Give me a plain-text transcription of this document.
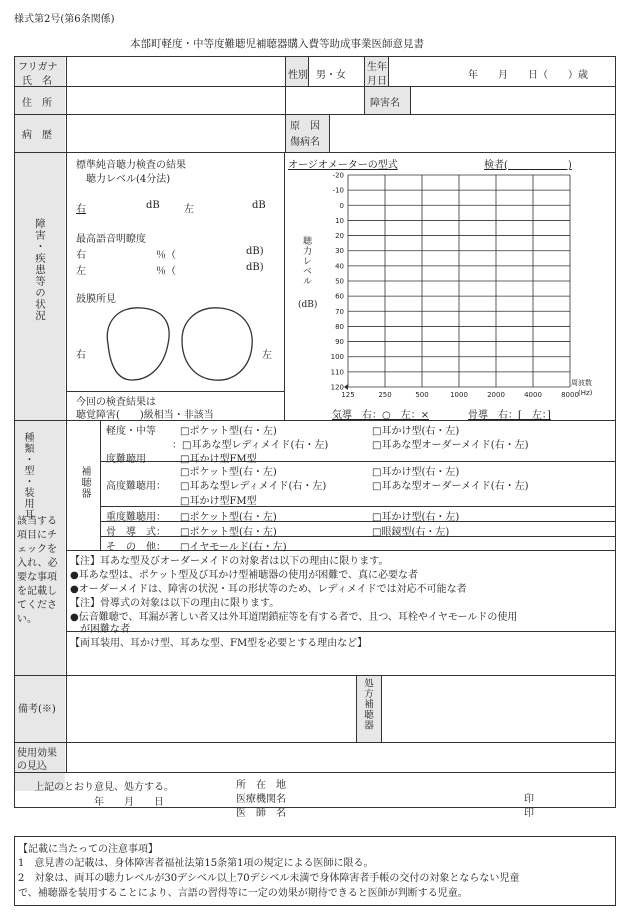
様式第2号(第6条関係)
本部町軽度・中等度難聴児補聴器購入費等助成事業医師意見書
フリガナ
氏　名
性別 男・女
生年
月日
年　　月　　日（　　）歳
住　所	障害名
病　歴
原　因
傷病名
障害・疾患等の状況
標準純音聴力検査の結果
聴力レベル(4分法)
右	dB 左	dB
最高語音明瞭度
右	％（	dB)
左	％（	dB)
鼓膜所見
右	左
今回の検査結果は
聴覚障害(　　)級相当・非該当
オージオメーターの型式	検者(　　　　　　)
聴力レベル
(dB)
周波数
(Hz)
-20
-10
0
10
20
30
40
50
60
70
80
90
100
110
120
125	250	500	1000	2000	4000	8000
気導　右：○　左：×	骨導　右：[　左：]
種類・型・装用耳
該当する項目にチェックを入れ、必要な事項を記載してください。
補聴器
軽度・中等 □ポケット型(右・左)	□耳かけ型(右・左)
：□耳あな型レディメイド(右・左)	□耳あな型オーダーメイド(右・左)
度難聴用	□耳かけ型FM型
□ポケット型(右・左)	□耳かけ型(右・左)
高度難聴用： □耳あな型レディメイド(右・左)	□耳あな型オーダーメイド(右・左)
□耳かけ型FM型
重度難聴用： □ポケット型(右・左)	□耳かけ型(右・左)
骨　導　式： □ポケット型(右・左)	□眼鏡型(右・左)
そ　の　他： □イヤモールド(右・左)
【注】耳あな型及びオーダーメイドの対象者は以下の理由に限ります。
●耳あな型は、ポケット型及び耳かけ型補聴器の使用が困難で、真に必要な者
●オーダーメイドは、障害の状況・耳の形状等のため、レディメイドでは対応不可能な者
【注】骨導式の対象は以下の理由に限ります。
●伝音難聴で、耳漏が著しい者又は外耳道閉鎖症等を有する者で、且つ、耳栓やイヤモールドの使用
が困難な者
【両耳装用、耳かけ型、耳あな型、FM型を必要とする理由など】
備考(※)	処方補聴器
使用効果
の見込
上記のとおり意見、処方する。
年　　月　　日
所　在　地
医療機関名
医　師　名
印
印
【記載に当たっての注意事項】
1　意見書の記載は、身体障害者福祉法第15条第1項の規定による医師に限る。
2　対象は、両耳の聴力レベルが30デシベル以上70デシベル未満で身体障害者手帳の交付の対象とならない児童
で、補聴器を装用することにより、言語の習得等に一定の効果が期待できると医師が判断する児童。
